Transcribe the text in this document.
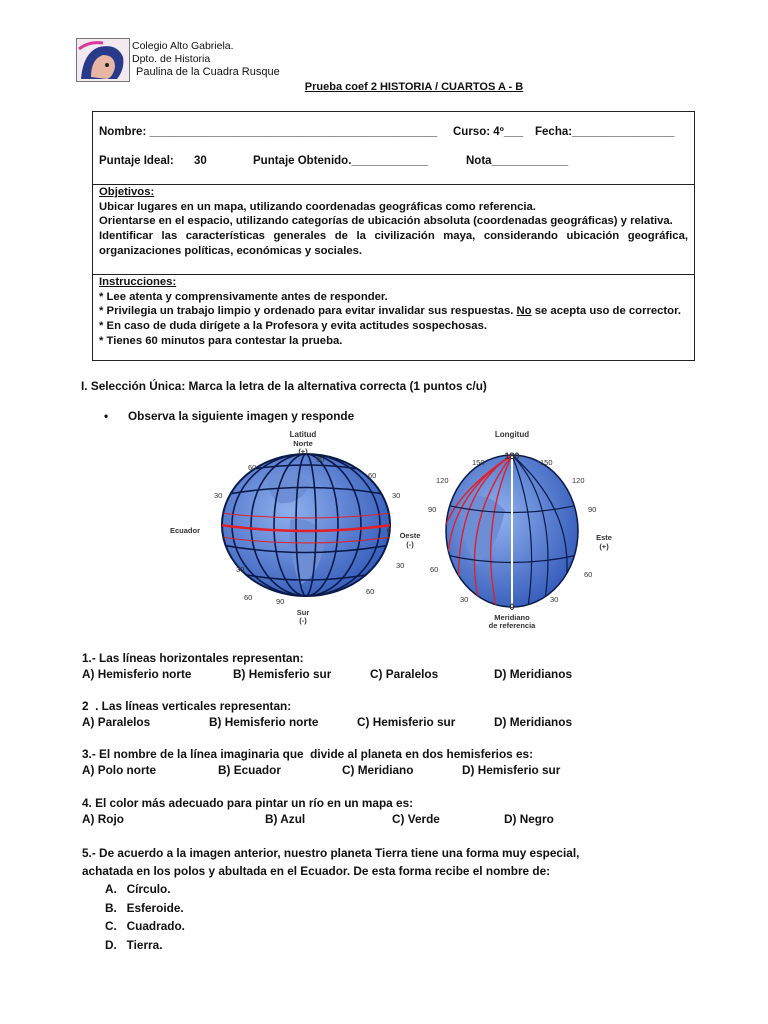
Colegio Alto Gabriela.
Dpto. de Historia
Paulina de la Cuadra Rusque
Prueba coef 2 HISTORIA / CUARTOS A - B
Nombre: _____________________________________________ Curso: 4º___ Fecha:________________
Puntaje Ideal: 30	Puntaje Obtenido.____________	Nota____________
Objetivos:
Ubicar lugares en un mapa, utilizando coordenadas geográficas como referencia.
Orientarse en el espacio, utilizando categorías de ubicación absoluta (coordenadas geográficas) y relativa.
Identificar las características generales de la civilización maya, considerando ubicación geográfica, organizaciones políticas, económicas y sociales.
Instrucciones:
* Lee atenta y comprensivamente antes de responder.
* Privilegia un trabajo limpio y ordenado para evitar invalidar sus respuestas. No se acepta uso de corrector.
* En caso de duda dirígete a la Profesora y evita actitudes sospechosas.
* Tienes 60 minutos para contestar la prueba.
I. Selección Única: Marca la letra de la alternativa correcta (1 puntos c/u)
• Observa la siguiente imagen y responde
Latitud
Norte
(+)
Ecuador	0
Sur
(-)
60
90
60
30	30
60	90
60
30	30
Longitud
180
150	150
120	120
90
60
30	30
60
90
Oeste
(-)
Este
(+)
0
Meridiano
de referencia
1.- Las líneas horizontales representan:
A) Hemisferio norte	B) Hemisferio sur	C) Paralelos	D) Meridianos
2  . Las líneas verticales representan:
A) Paralelos	B) Hemisferio norte	C) Hemisferio sur	D) Meridianos
3.- El nombre de la línea imaginaria que  divide al planeta en dos hemisferios es:
A) Polo norte	B) Ecuador	C) Meridiano	D) Hemisferio sur
4. El color más adecuado para pintar un río en un mapa es:
A) Rojo	B) Azul	C) Verde	D) Negro
5.- De acuerdo a la imagen anterior, nuestro planeta Tierra tiene una forma muy especial,
achatada en los polos y abultada en el Ecuador. De esta forma recibe el nombre de:
A.   Círculo.
B.   Esferoide.
C.   Cuadrado.
D.   Tierra.
